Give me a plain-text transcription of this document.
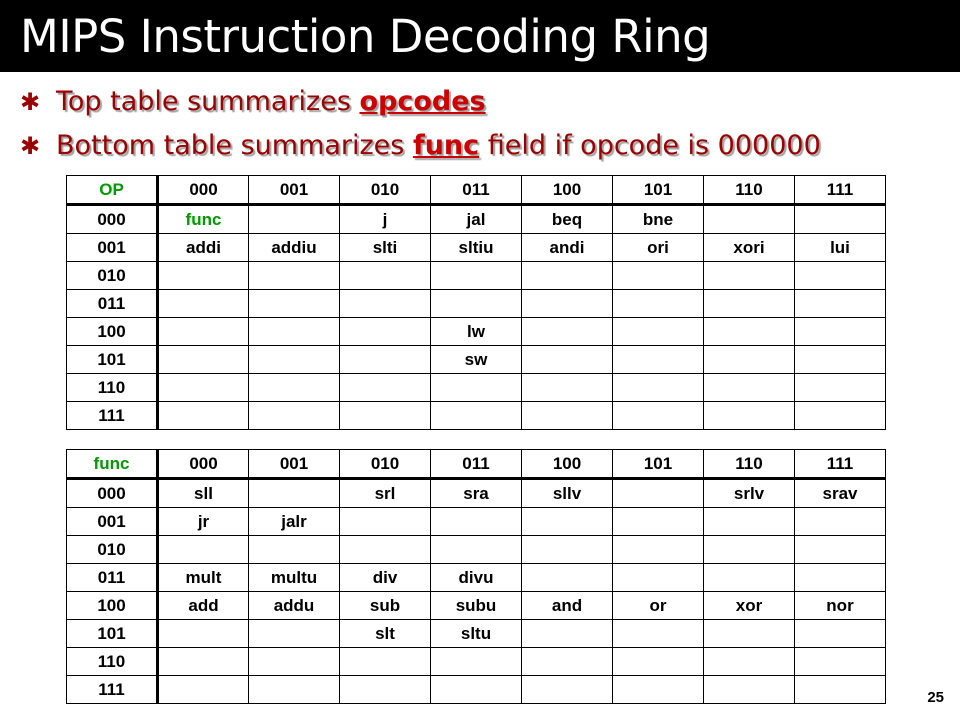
MIPS Instruction Decoding Ring
✱ Top table summarizes opcodes
✱ Bottom table summarizes func field if opcode is 000000
OP	000	001	010	011	100	101	110	111
000	func		j	jal	beq	bne		
001	addi	addiu	slti	sltiu	andi	ori	xori	lui
010								
011								
100				lw				
101				sw				
110								
111								
func	000	001	010	011	100	101	110	111
000	sll		srl	sra	sllv		srlv	srav
001	jr	jalr						
010								
011	mult	multu	div	divu				
100	add	addu	sub	subu	and	or	xor	nor
101			slt	sltu				
110								
111									25
